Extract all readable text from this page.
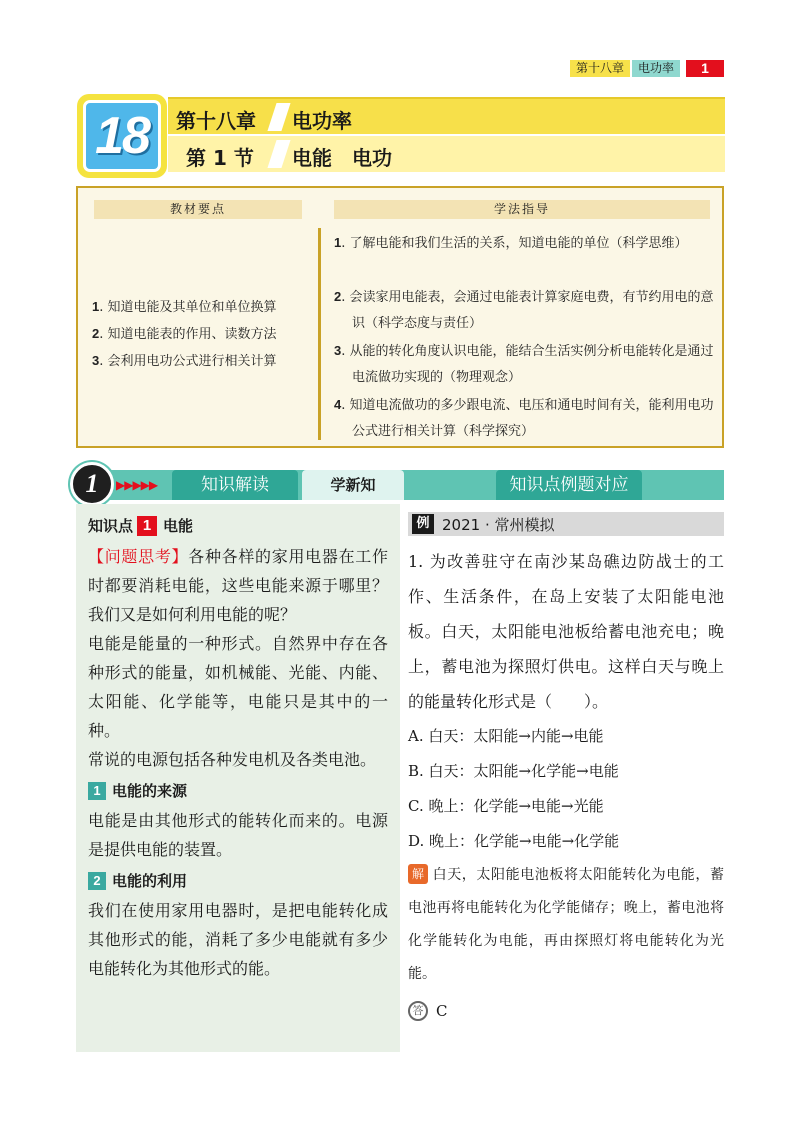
第十八章	电功率	1
18 第十八章 电功率
第 1 节 电能　电功
教材要点	学法指导
1. 知道电能及其单位和单位换算
2. 知道电能表的作用、读数方法
3. 会利用电功公式进行相关计算
1. 了解电能和我们生活的关系，知道电能的单位（科学思维）
2. 会读家用电能表，会通过电能表计算家庭电费，有节约用电的意识（科学态度与责任）
3. 从能的转化角度认识电能，能结合生活实例分析电能转化是通过电流做功实现的（物理观念）
4. 知道电流做功的多少跟电流、电压和通电时间有关，能利用电功公式进行相关计算（科学探究）
1 ▶▶▶▶▶	知识解读	学新知	知识点例题对应
知识点 1 电能
【问题思考】各种各样的家用电器在工作时都要消耗电能，这些电能来源于哪里？我们又是如何利用电能的呢？
电能是能量的一种形式。自然界中存在各种形式的能量，如机械能、光能、内能、太阳能、化学能等，电能只是其中的一种。
常说的电源包括各种发电机及各类电池。
1 电能的来源
电能是由其他形式的能转化而来的。电源是提供电能的装置。
2 电能的利用
我们在使用家用电器时，是把电能转化成其他形式的能，消耗了多少电能就有多少电能转化为其他形式的能。
例 2021 · 常州模拟
1. 为改善驻守在南沙某岛礁边防战士的工作、生活条件，在岛上安装了太阳能电池板。白天，太阳能电池板给蓄电池充电；晚上，蓄电池为探照灯供电。这样白天与晚上的能量转化形式是（　　）。
A. 白天：太阳能→内能→电能
B. 白天：太阳能→化学能→电能
C. 晚上：化学能→电能→光能
D. 晚上：化学能→电能→化学能
解 白天，太阳能电池板将太阳能转化为电能，蓄电池再将电能转化为化学能储存；晚上，蓄电池将化学能转化为电能，再由探照灯将电能转化为光能。
答 C
